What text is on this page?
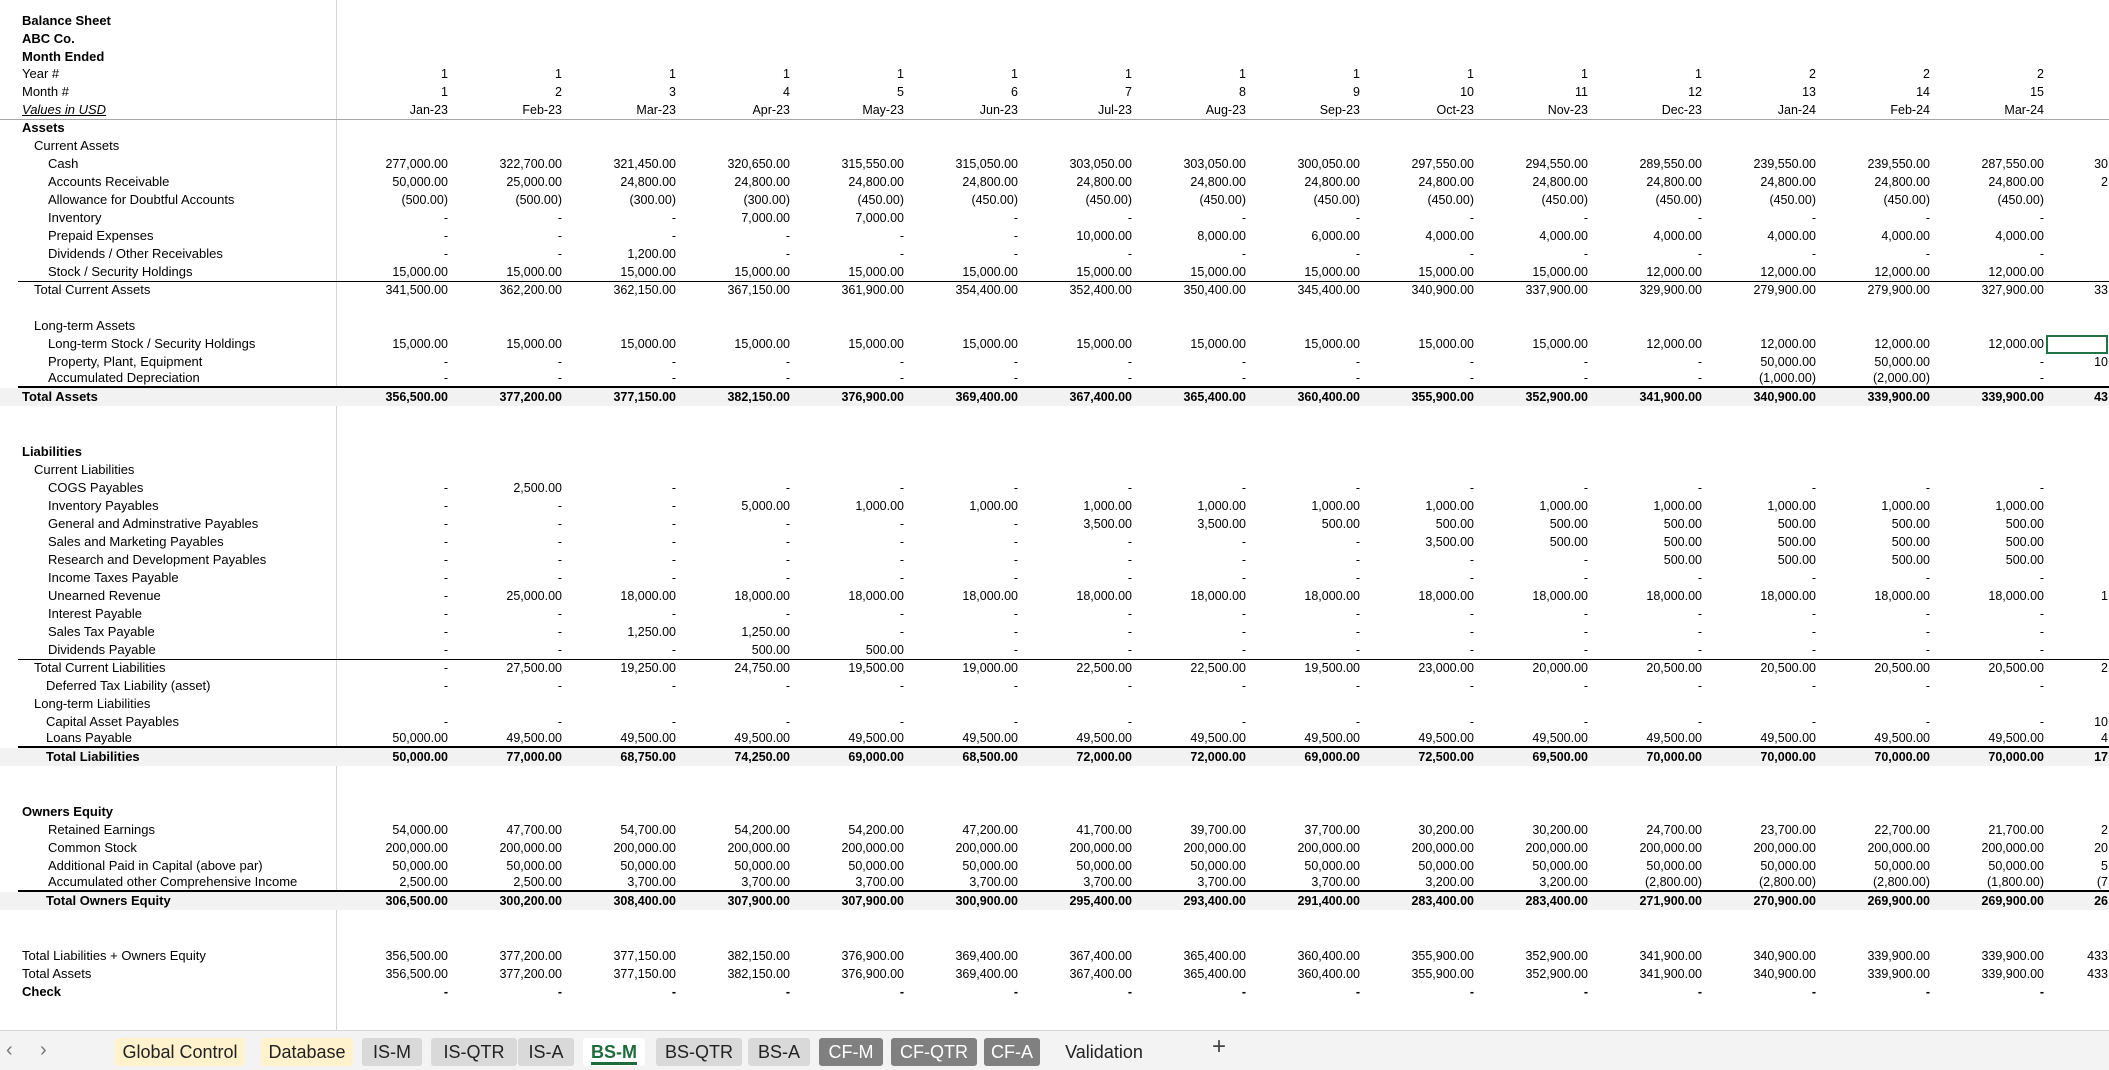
Balance Sheet
ABC Co.
Month Ended
Year #	1	1	1	1	1	1	1	1	1	1	1	1	2	2	2
Month #	1	2	3	4	5	6	7	8	9	10	11	12	13	14	15
Values in USD	Jan-23	Feb-23	Mar-23	Apr-23	May-23	Jun-23	Jul-23	Aug-23	Sep-23	Oct-23	Nov-23	Dec-23	Jan-24	Feb-24	Mar-24
Assets
Current Assets
Cash	277,000.00	322,700.00	321,450.00	320,650.00	315,550.00	315,050.00	303,050.00	303,050.00	300,050.00	297,550.00	294,550.00	289,550.00	239,550.00	239,550.00	287,550.00	30
Accounts Receivable	50,000.00	25,000.00	24,800.00	24,800.00	24,800.00	24,800.00	24,800.00	24,800.00	24,800.00	24,800.00	24,800.00	24,800.00	24,800.00	24,800.00	24,800.00	2
Allowance for Doubtful Accounts	(500.00)	(500.00)	(300.00)	(300.00)	(450.00)	(450.00)	(450.00)	(450.00)	(450.00)	(450.00)	(450.00)	(450.00)	(450.00)	(450.00)	(450.00)
Inventory	-	-	-	7,000.00	7,000.00	-	-	-	-	-	-	-	-	-	-
Prepaid Expenses	-	-	-	-	-	-	10,000.00	8,000.00	6,000.00	4,000.00	4,000.00	4,000.00	4,000.00	4,000.00	4,000.00
Dividends / Other Receivables	-	-	1,200.00	-	-	-	-	-	-	-	-	-	-	-	-
Stock / Security Holdings	15,000.00	15,000.00	15,000.00	15,000.00	15,000.00	15,000.00	15,000.00	15,000.00	15,000.00	15,000.00	15,000.00	12,000.00	12,000.00	12,000.00	12,000.00
Total Current Assets	341,500.00	362,200.00	362,150.00	367,150.00	361,900.00	354,400.00	352,400.00	350,400.00	345,400.00	340,900.00	337,900.00	329,900.00	279,900.00	279,900.00	327,900.00	33
Long-term Assets
Long-term Stock / Security Holdings	15,000.00	15,000.00	15,000.00	15,000.00	15,000.00	15,000.00	15,000.00	15,000.00	15,000.00	15,000.00	15,000.00	12,000.00	12,000.00	12,000.00	12,000.00
Property, Plant, Equipment	-	-	-	-	-	-	-	-	-	-	-	-	50,000.00	50,000.00	-	10
Accumulated Depreciation	-	-	-	-	-	-	-	-	-	-	-	-	(1,000.00)	(2,000.00)	-
Total Assets	356,500.00	377,200.00	377,150.00	382,150.00	376,900.00	369,400.00	367,400.00	365,400.00	360,400.00	355,900.00	352,900.00	341,900.00	340,900.00	339,900.00	339,900.00	43
Liabilities
Current Liabilities
COGS Payables	-	2,500.00	-	-	-	-	-	-	-	-	-	-	-	-	-
Inventory Payables	-	-	-	5,000.00	1,000.00	1,000.00	1,000.00	1,000.00	1,000.00	1,000.00	1,000.00	1,000.00	1,000.00	1,000.00	1,000.00
General and Adminstrative Payables	-	-	-	-	-	-	3,500.00	3,500.00	500.00	500.00	500.00	500.00	500.00	500.00	500.00
Sales and Marketing Payables	-	-	-	-	-	-	-	-	-	3,500.00	500.00	500.00	500.00	500.00	500.00
Research and Development Payables	-	-	-	-	-	-	-	-	-	-	-	500.00	500.00	500.00	500.00
Income Taxes Payable	-	-	-	-	-	-	-	-	-	-	-	-	-	-	-
Unearned Revenue	-	25,000.00	18,000.00	18,000.00	18,000.00	18,000.00	18,000.00	18,000.00	18,000.00	18,000.00	18,000.00	18,000.00	18,000.00	18,000.00	18,000.00	1
Interest Payable	-	-	-	-	-	-	-	-	-	-	-	-	-	-	-
Sales Tax Payable	-	-	1,250.00	1,250.00	-	-	-	-	-	-	-	-	-	-	-
Dividends Payable	-	-	-	500.00	500.00	-	-	-	-	-	-	-	-	-	-
Total Current Liabilities	-	27,500.00	19,250.00	24,750.00	19,500.00	19,000.00	22,500.00	22,500.00	19,500.00	23,000.00	20,000.00	20,500.00	20,500.00	20,500.00	20,500.00	2
Deferred Tax Liability (asset)	-	-	-	-	-	-	-	-	-	-	-	-	-	-	-
Long-term Liabilities
Capital Asset Payables	-	-	-	-	-	-	-	-	-	-	-	-	-	-	-	10
Loans Payable	50,000.00	49,500.00	49,500.00	49,500.00	49,500.00	49,500.00	49,500.00	49,500.00	49,500.00	49,500.00	49,500.00	49,500.00	49,500.00	49,500.00	49,500.00	4
Total Liabilities	50,000.00	77,000.00	68,750.00	74,250.00	69,000.00	68,500.00	72,000.00	72,000.00	69,000.00	72,500.00	69,500.00	70,000.00	70,000.00	70,000.00	70,000.00	17
Owners Equity
Retained Earnings	54,000.00	47,700.00	54,700.00	54,200.00	54,200.00	47,200.00	41,700.00	39,700.00	37,700.00	30,200.00	30,200.00	24,700.00	23,700.00	22,700.00	21,700.00	2
Common Stock	200,000.00	200,000.00	200,000.00	200,000.00	200,000.00	200,000.00	200,000.00	200,000.00	200,000.00	200,000.00	200,000.00	200,000.00	200,000.00	200,000.00	200,000.00	20
Additional Paid in Capital (above par)	50,000.00	50,000.00	50,000.00	50,000.00	50,000.00	50,000.00	50,000.00	50,000.00	50,000.00	50,000.00	50,000.00	50,000.00	50,000.00	50,000.00	50,000.00	5
Accumulated other Comprehensive Income	2,500.00	2,500.00	3,700.00	3,700.00	3,700.00	3,700.00	3,700.00	3,700.00	3,700.00	3,200.00	3,200.00	(2,800.00)	(2,800.00)	(2,800.00)	(1,800.00)	(7
Total Owners Equity	306,500.00	300,200.00	308,400.00	307,900.00	307,900.00	300,900.00	295,400.00	293,400.00	291,400.00	283,400.00	283,400.00	271,900.00	270,900.00	269,900.00	269,900.00	26
Total Liabilities + Owners Equity	356,500.00	377,200.00	377,150.00	382,150.00	376,900.00	369,400.00	367,400.00	365,400.00	360,400.00	355,900.00	352,900.00	341,900.00	340,900.00	339,900.00	339,900.00	433
Total Assets	356,500.00	377,200.00	377,150.00	382,150.00	376,900.00	369,400.00	367,400.00	365,400.00	360,400.00	355,900.00	352,900.00	341,900.00	340,900.00	339,900.00	339,900.00	433
Check	-	-	-	-	-	-	-	-	-	-	-	-	-	-	-
‹ ›	Global Control	Database	IS-M	IS-QTR	IS-A	BS-M	BS-QTR	BS-A	CF-M	CF-QTR	CF-A	Validation	+
